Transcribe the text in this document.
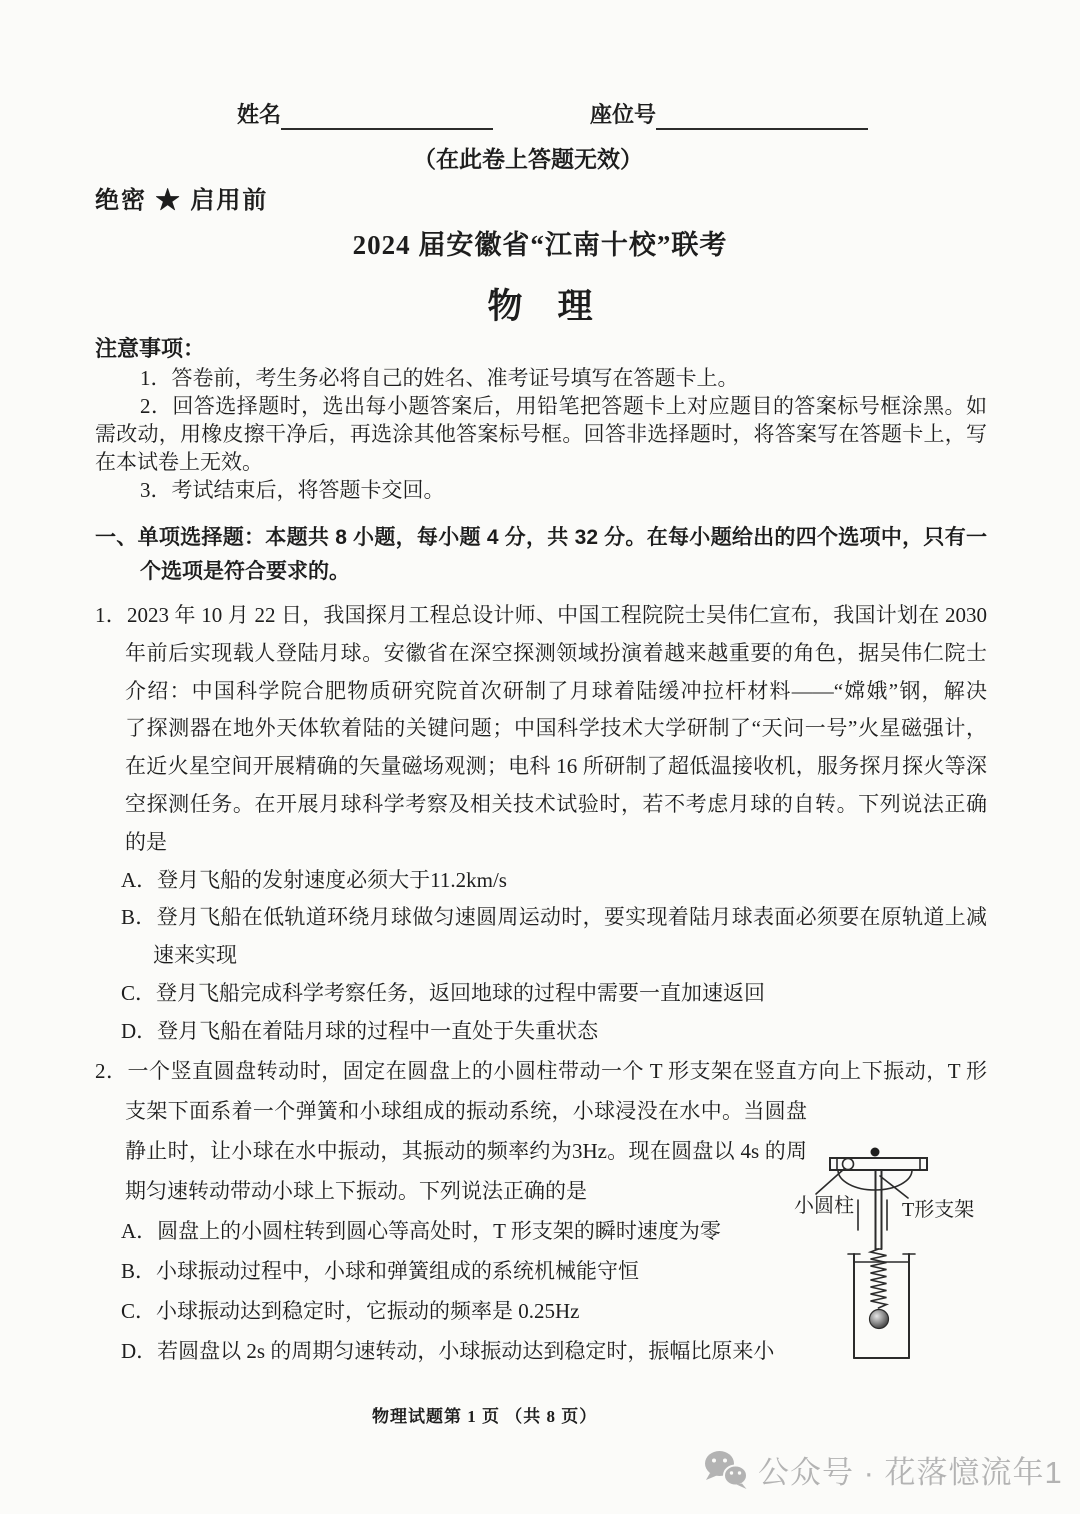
姓名	座位号
（在此卷上答题无效）
绝密 ★ 启用前
2024 届安徽省“江南十校”联考
物　理
注意事项：
1．答卷前，考生务必将自己的姓名、准考证号填写在答题卡上。
2．回答选择题时，选出每小题答案后，用铅笔把答题卡上对应题目的答案标号框涂黑。如
需改动，用橡皮擦干净后，再选涂其他答案标号框。回答非选择题时，将答案写在答题卡上，写
在本试卷上无效。
3．考试结束后，将答题卡交回。
一、单项选择题：本题共 8 小题，每小题 4 分，共 32 分。在每小题给出的四个选项中，只有一
个选项是符合要求的。
1．2023 年 10 月 22 日，我国探月工程总设计师、中国工程院院士吴伟仁宣布，我国计划在 2030
年前后实现载人登陆月球。安徽省在深空探测领域扮演着越来越重要的角色，据吴伟仁院士
介绍：中国科学院合肥物质研究院首次研制了月球着陆缓冲拉杆材料——“嫦娥”钢，解决
了探测器在地外天体软着陆的关键问题；中国科学技术大学研制了“天问一号”火星磁强计，
在近火星空间开展精确的矢量磁场观测；电科 16 所研制了超低温接收机，服务探月探火等深
空探测任务。在开展月球科学考察及相关技术试验时，若不考虑月球的自转。下列说法正确
的是
A．登月飞船的发射速度必须大于11.2km/s
B．登月飞船在低轨道环绕月球做匀速圆周运动时，要实现着陆月球表面必须要在原轨道上减
速来实现
C．登月飞船完成科学考察任务，返回地球的过程中需要一直加速返回
D．登月飞船在着陆月球的过程中一直处于失重状态
2．一个竖直圆盘转动时，固定在圆盘上的小圆柱带动一个 T 形支架在竖直方向上下振动，T 形
支架下面系着一个弹簧和小球组成的振动系统，小球浸没在水中。当圆盘
静止时，让小球在水中振动，其振动的频率约为3Hz。现在圆盘以 4s 的周
期匀速转动带动小球上下振动。下列说法正确的是
A．圆盘上的小圆柱转到圆心等高处时，T 形支架的瞬时速度为零
B．小球振动过程中，小球和弹簧组成的系统机械能守恒
C．小球振动达到稳定时，它振动的频率是 0.25Hz
D．若圆盘以 2s 的周期匀速转动，小球振动达到稳定时，振幅比原来小
小圆柱 T形支架
物理试题第 1 页 （共 8 页）
公众号 · 花落憶流年1
